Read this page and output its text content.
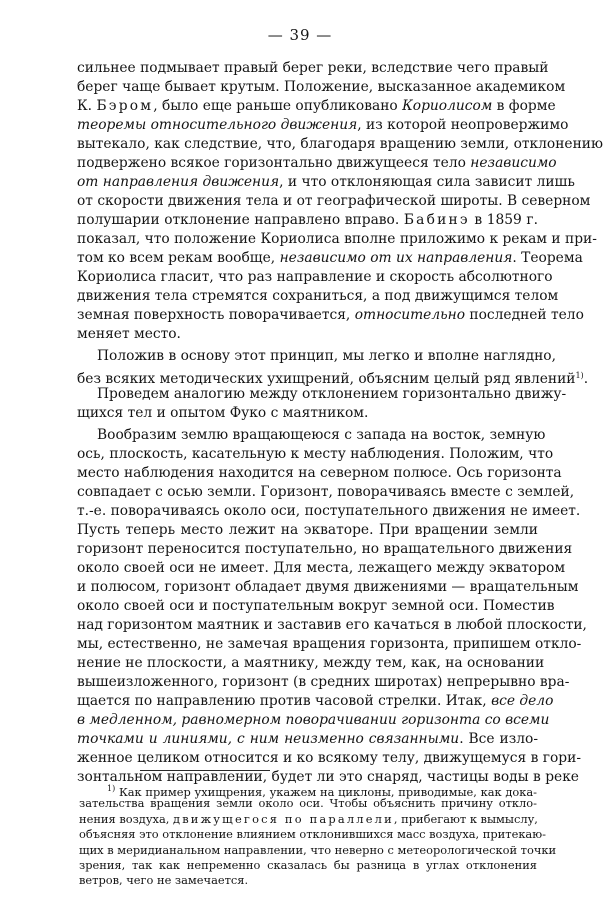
— 39 —
сильнее подмывает правый берег реки, вследствие чего правый
берег чаще бывает крутым. Положение, высказанное академиком
К. Бэром, было еще раньше опубликовано Кориолисом в форме
теоремы относительного движения, из которой неопровержимо
вытекало, как следствие, что, благодаря вращению земли, отклонению
подвержено всякое горизонтально движущееся тело независимо
от направления движения, и что отклоняющая сила зависит лишь
от скорости движения тела и от географической широты. В северном
полушарии отклонение направлено вправо. Бабинэ в 1859 г.
показал, что положение Кориолиса вполне приложимо к рекам и при-
том ко всем рекам вообще, независимо от их направления. Теорема
Кориолиса гласит, что раз направление и скорость абсолютного
движения тела стремятся сохраниться, а под движущимся телом
земная поверхность поворачивается, относительно последней тело
меняет место.
Положив в основу этот принцип, мы легко и вполне наглядно,
без всяких методических ухищрений, объясним целый ряд явлений$^{1)}$.
Проведем аналогию между отклонением горизонтально движу-
щихся тел и опытом Фуко с маятником.
Вообразим землю вращающеюся с запада на восток, земную
ось, плоскость, касательную к месту наблюдения. Положим, что
место наблюдения находится на северном полюсе. Ось горизонта
совпадает с осью земли. Горизонт, поворачиваясь вместе с землей,
т.-е. поворачиваясь около оси, поступательного движения не имеет.
Пусть теперь место лежит на экваторе. При вращении земли
горизонт переносится поступательно, но вращательного движения
около своей оси не имеет. Для места, лежащего между экватором
и полюсом, горизонт обладает двумя движениями — вращательным
около своей оси и поступательным вокруг земной оси. Поместив
над горизонтом маятник и заставив его качаться в любой плоскости,
мы, естественно, не замечая вращения горизонта, припишем откло-
нение не плоскости, а маятнику, между тем, как, на основании
вышеизложенного, горизонт (в средних широтах) непрерывно вра-
щается по направлению против часовой стрелки. Итак, все дело
в медленном, равномерном поворачивании горизонта со всеми
точками и линиями, с ним неизменно связанными. Все изло-
женное целиком относится и ко всякому телу, движущемуся в гори-
зонтальном направлении, будет ли это снаряд, частицы воды в реке
$^{1)}$ Как пример ухищрения, укажем на циклоны, приводимые, как дока-
зательства вращения земли около оси. Чтобы объяснить причину откло-
нения воздуха, движущегося по параллели, прибегают к вымыслу,
объясняя это отклонение влиянием отклонившихся масс воздуха, притекаю-
щих в меридианальном направлении, что неверно с метеорологической точки
зрения, так как непременно сказалась бы разница в углах отклонения
ветров, чего не замечается.
